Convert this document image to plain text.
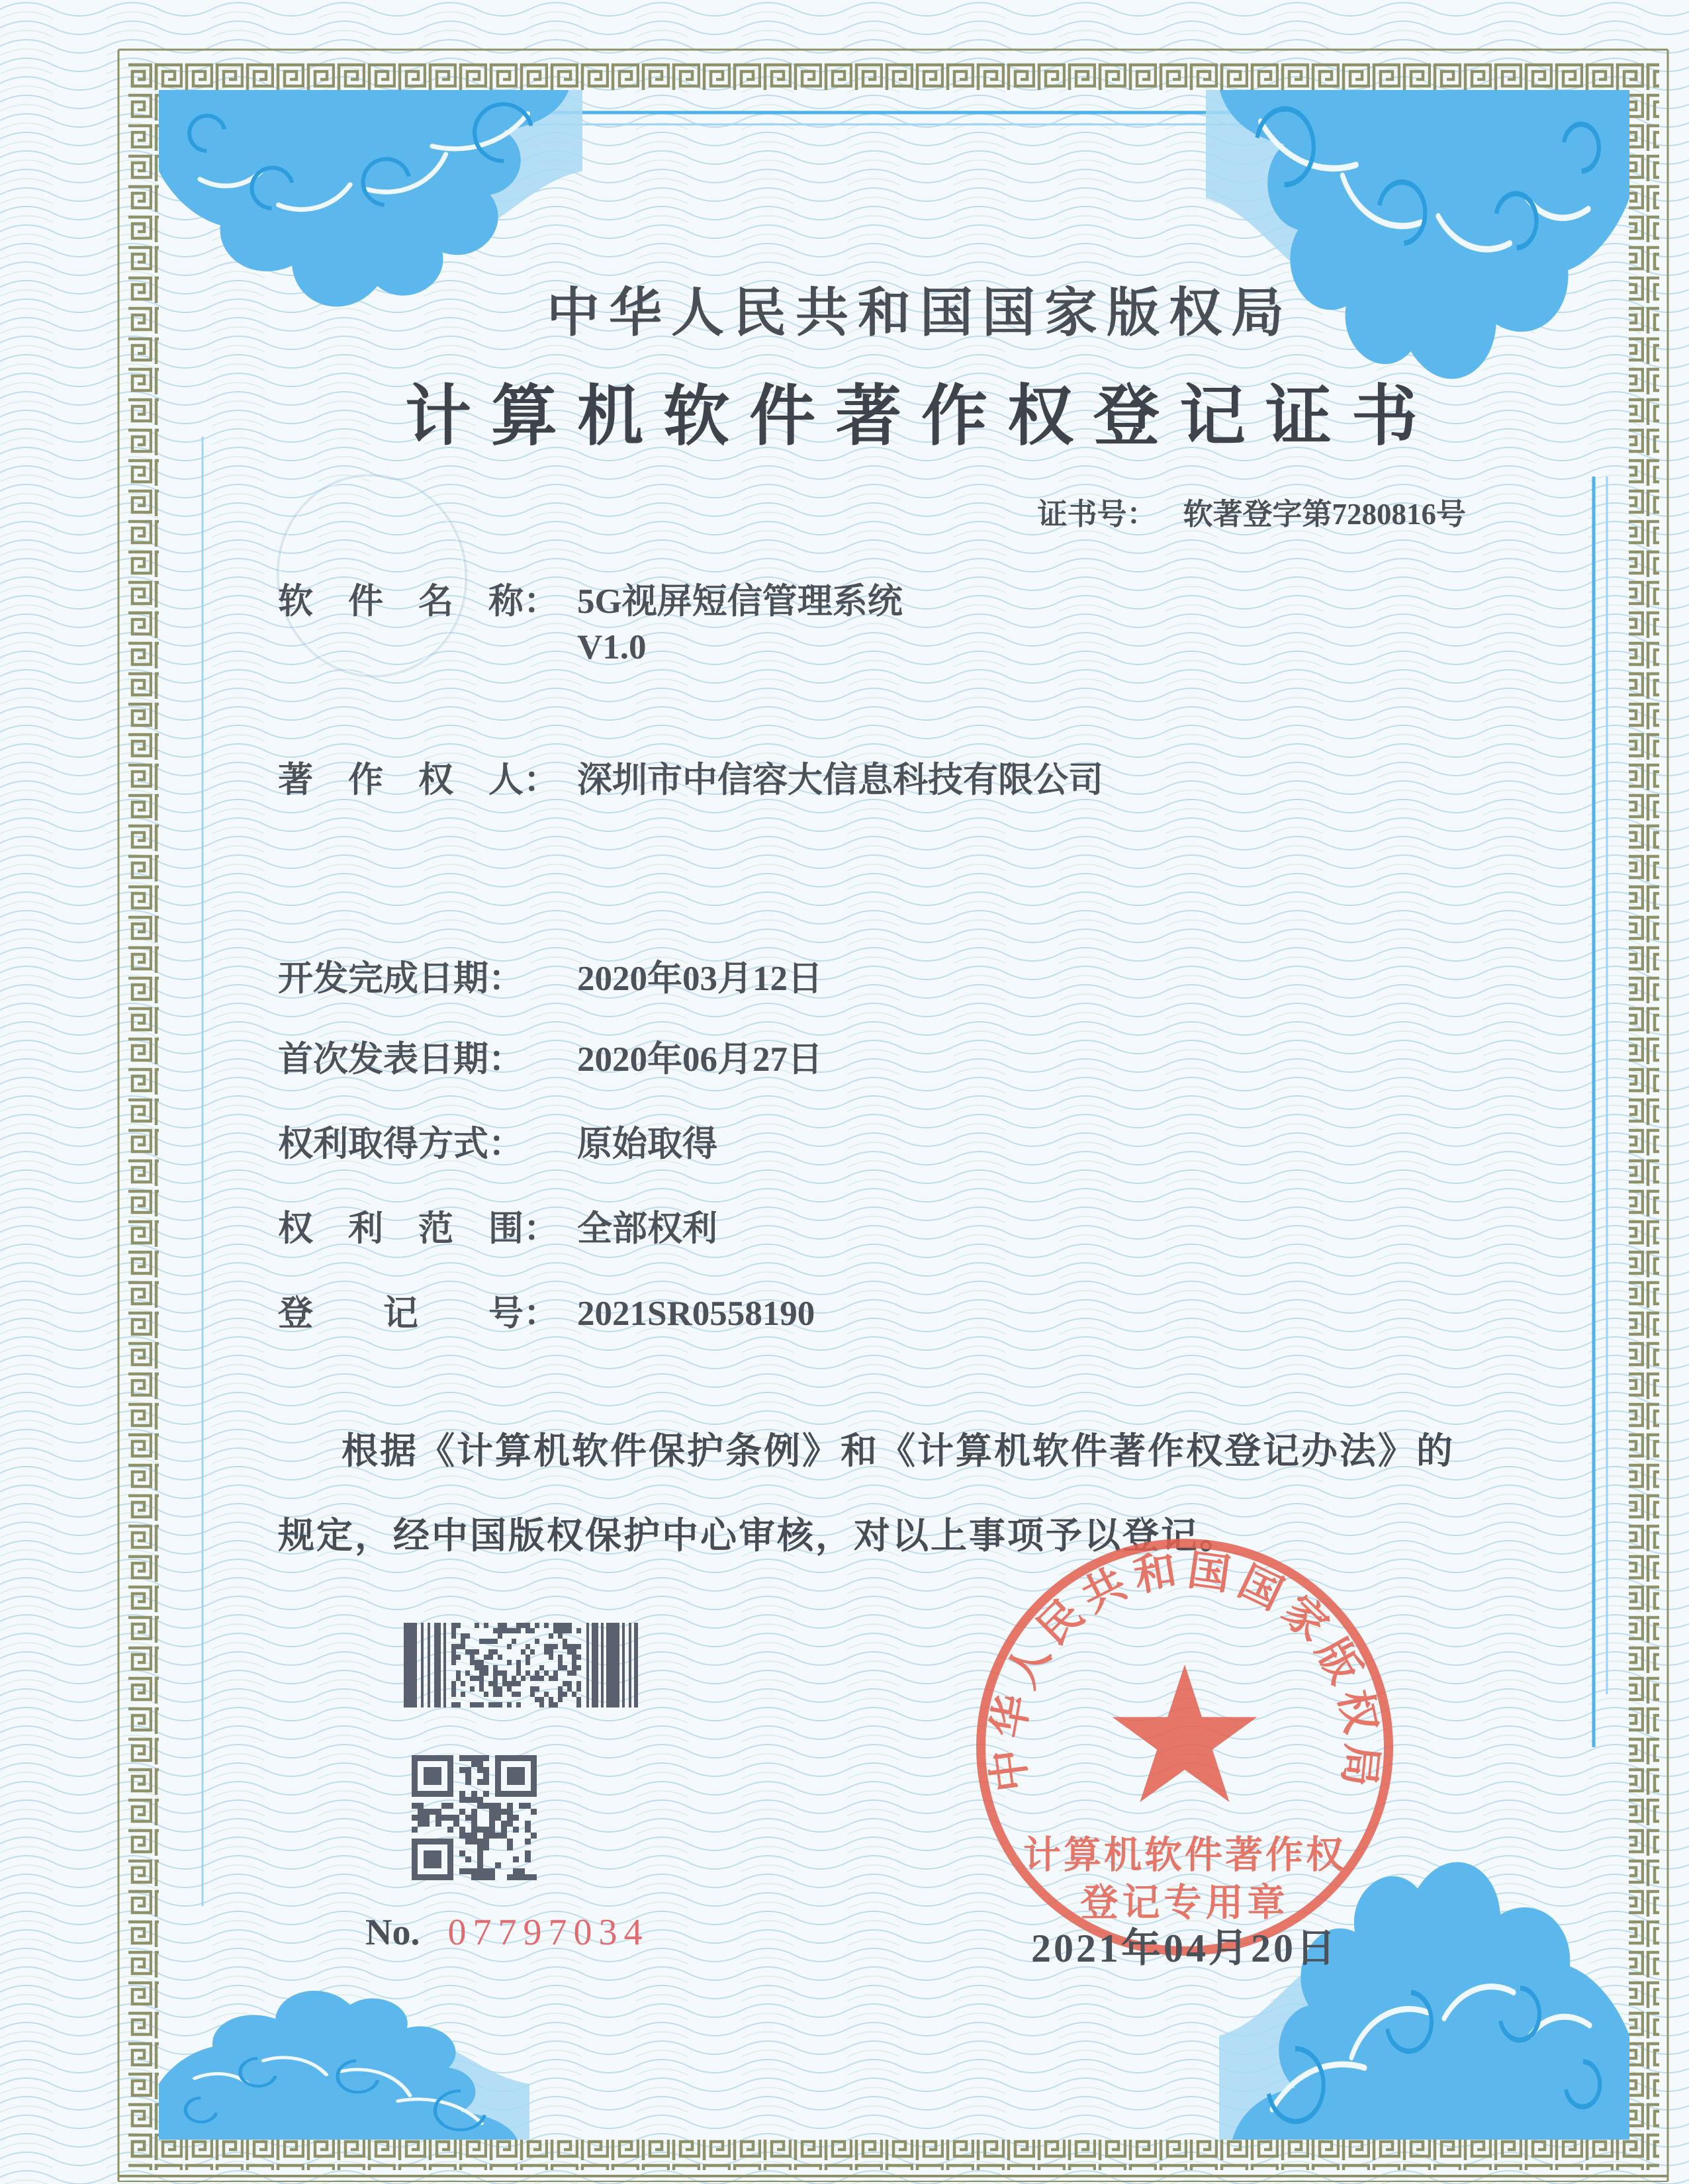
中华人民共和国国家版权局
计算机软件著作权登记证书
证书号： 软著登字第7280816号
软　件　名　称： 5G视屏短信管理系统
V1.0
著　作　权　人： 深圳市中信容大信息科技有限公司
开发完成日期： 2020年03月12日
首次发表日期： 2020年06月27日
权利取得方式： 原始取得
权　利　范　围： 全部权利
登　　记　　号： 2021SR0558190
根据《计算机软件保护条例》和《计算机软件著作权登记办法》的
规定，经中国版权保护中心审核，对以上事项予以登记。
中华人民共和国国家版权局
计算机软件著作权
登记专用章
No. 07797034	2021年04月20日
